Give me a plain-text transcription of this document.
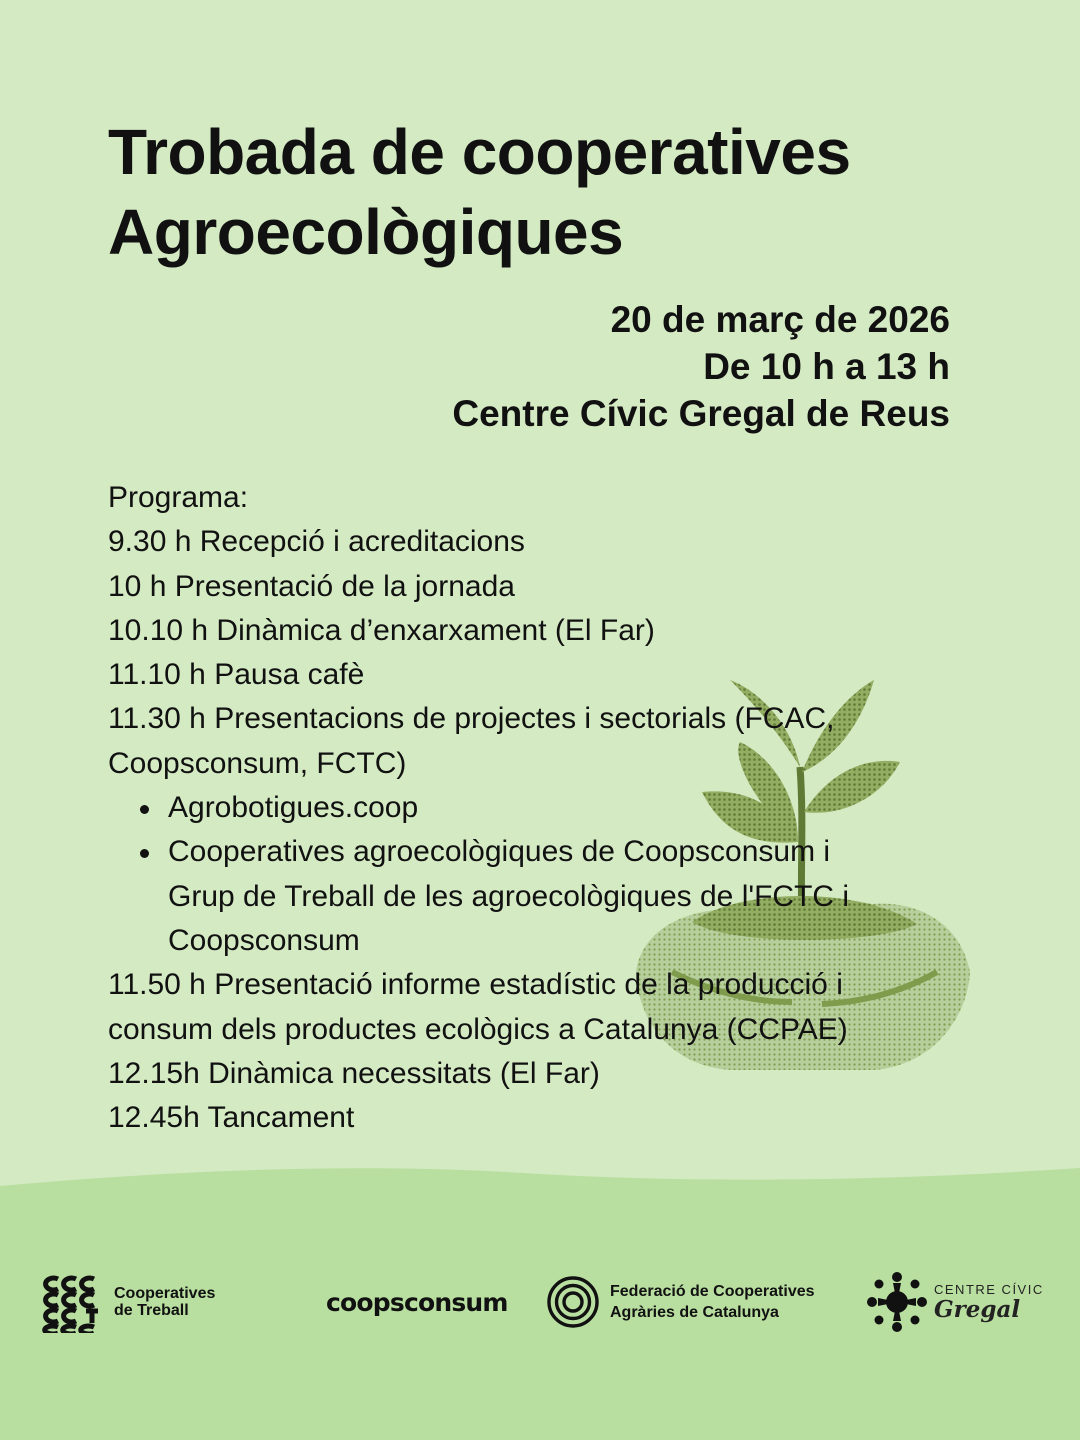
Trobada de cooperatives
Agroecològiques
20 de març de 2026
De 10 h a 13 h
Centre Cívic Gregal de Reus
Programa:
9.30 h Recepció i acreditacions
10 h Presentació de la jornada
10.10 h Dinàmica d’enxarxament (El Far)
11.10 h Pausa cafè
11.30 h Presentacions de projectes i sectorials (FCAC,
Coopsconsum, FCTC)
Agrobotigues.coop
Cooperatives agroecològiques de Coopsconsum i
Grup de Treball de les agroecològiques de l'FCTC i
Coopsconsum
11.50 h Presentació informe estadístic de la producció i
consum dels productes ecològics a Catalunya (CCPAE)
12.15h Dinàmica necessitats (El Far)
12.45h Tancament
Cooperatives
de Treball	coopsconsum	Federació de Cooperatives
Agràries de Catalunya
CENTRE CÍVIC
Gregal
